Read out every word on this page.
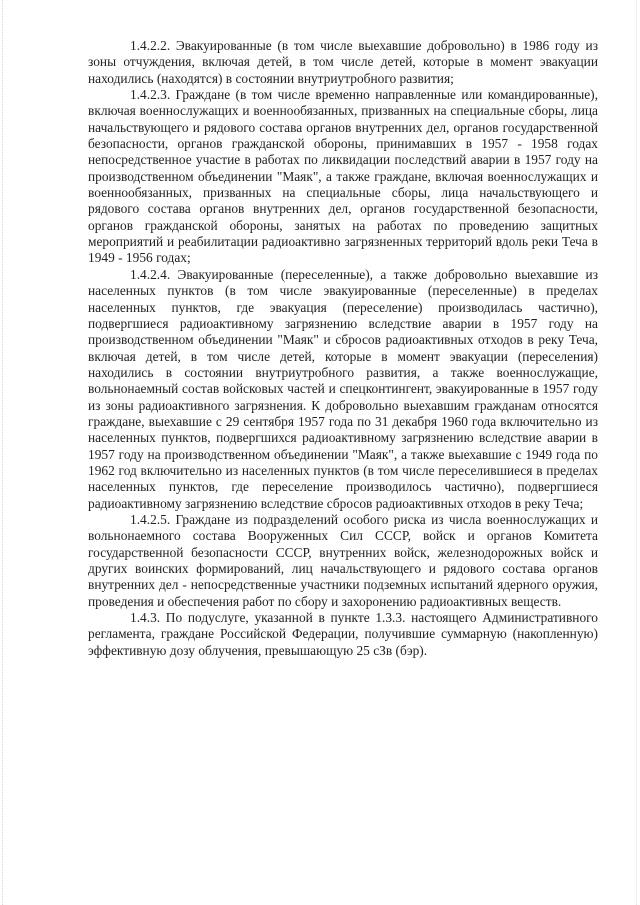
1.4.2.2. Эвакуированные (в том числе выехавшие добровольно) в 1986 году из зоны отчуждения, включая детей, в том числе детей, которые в момент эвакуации находились (находятся) в состоянии внутриутробного развития;

1.4.2.3. Граждане (в том числе временно направленные или командированные), включая военнослужащих и военнообязанных, призванных на специальные сборы, лица начальствующего и рядового состава органов внутренних дел, органов государственной безопасности, органов гражданской обороны, принимавших в 1957 - 1958 годах непосредственное участие в работах по ликвидации последствий аварии в 1957 году на производственном объединении "Маяк", а также граждане, включая военнослужащих и военнообязанных, призванных на специальные сборы, лица начальствующего и рядового состава органов внутренних дел, органов государственной безопасности, органов гражданской обороны, занятых на работах по проведению защитных мероприятий и реабилитации радиоактивно загрязненных территорий вдоль реки Теча в 1949 - 1956 годах;

1.4.2.4. Эвакуированные (переселенные), а также добровольно выехавшие из населенных пунктов (в том числе эвакуированные (переселенные) в пределах населенных пунктов, где эвакуация (переселение) производилась частично), подвергшиеся радиоактивному загрязнению вследствие аварии в 1957 году на производственном объединении "Маяк" и сбросов радиоактивных отходов в реку Теча, включая детей, в том числе детей, которые в момент эвакуации (переселения) находились в состоянии внутриутробного развития, а также военнослужащие, вольнонаемный состав войсковых частей и спецконтингент, эвакуированные в 1957 году из зоны радиоактивного загрязнения. К добровольно выехавшим гражданам относятся граждане, выехавшие с 29 сентября 1957 года по 31 декабря 1960 года включительно из населенных пунктов, подвергшихся радиоактивному загрязнению вследствие аварии в 1957 году на производственном объединении "Маяк", а также выехавшие с 1949 года по 1962 год включительно из населенных пунктов (в том числе переселившиеся в пределах населенных пунктов, где переселение производилось частично), подвергшиеся радиоактивному загрязнению вследствие сбросов радиоактивных отходов в реку Теча;

1.4.2.5. Граждане из подразделений особого риска из числа военнослужащих и вольнонаемного состава Вооруженных Сил СССР, войск и органов Комитета государственной безопасности СССР, внутренних войск, железнодорожных войск и других воинских формирований, лиц начальствующего и рядового состава органов внутренних дел - непосредственные участники подземных испытаний ядерного оружия, проведения и обеспечения работ по сбору и захоронению радиоактивных веществ.

1.4.3. По подуслуге, указанной в пункте 1.3.3. настоящего Административного регламента, граждане Российской Федерации, получившие суммарную (накопленную) эффективную дозу облучения, превышающую 25 сЗв (бэр).
